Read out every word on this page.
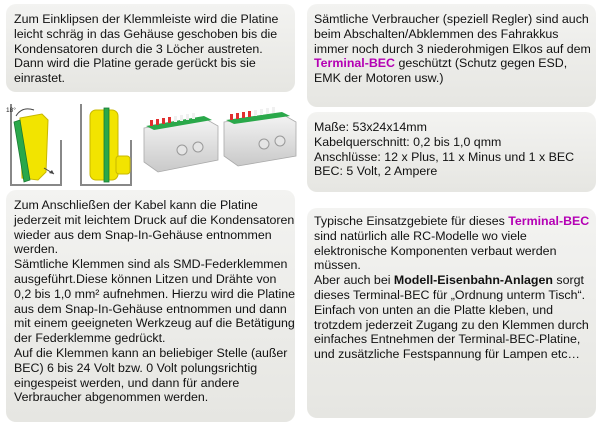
Zum Einklipsen der Klemmleiste wird die Platine
leicht schräg in das Gehäuse geschoben bis die
Kondensatoren durch die 3 Löcher austreten.
Dann wird die Platine gerade gerückt bis sie
einrastet.

Sämtliche Verbraucher (speziell Regler) sind auch
beim Abschalten/Abklemmen des Fahrakkus
immer noch durch 3 niederohmigen Elkos auf dem
Terminal-BEC geschützt (Schutz gegen ESD,
EMK der Motoren usw.)

Maße: 53x24x14mm
Kabelquerschnitt: 0,2 bis 1,0 qmm
Anschlüsse: 12 x Plus, 11 x Minus und 1 x BEC
BEC: 5 Volt, 2 Ampere

18°

Zum Anschließen der Kabel kann die Platine
jederzeit mit leichtem Druck auf die Kondensatoren
wieder aus dem Snap-In-Gehäuse entnommen
werden.
Sämtliche Klemmen sind als SMD-Federklemmen
ausgeführt.Diese können Litzen und Drähte von
0,2 bis 1,0 mm² aufnehmen. Hierzu wird die Platine
aus dem Snap-In-Gehäuse entnommen und dann
mit einem geeigneten Werkzeug auf die Betätigung
der Federklemme gedrückt.
Auf die Klemmen kann an beliebiger Stelle (außer
BEC) 6 bis 24 Volt bzw. 0 Volt polungsrichtig
eingespeist werden, und dann für andere
Verbraucher abgenommen werden.

Typische Einsatzgebiete für dieses Terminal-BEC
sind natürlich alle RC-Modelle wo viele
elektronische Komponenten verbaut werden
müssen.
Aber auch bei Modell-Eisenbahn-Anlagen sorgt
dieses Terminal-BEC für „Ordnung unterm Tisch“.
Einfach von unten an die Platte kleben, und
trotzdem jederzeit Zugang zu den Klemmen durch
einfaches Entnehmen der Terminal-BEC-Platine,
und zusätzliche Festspannung für Lampen etc…
